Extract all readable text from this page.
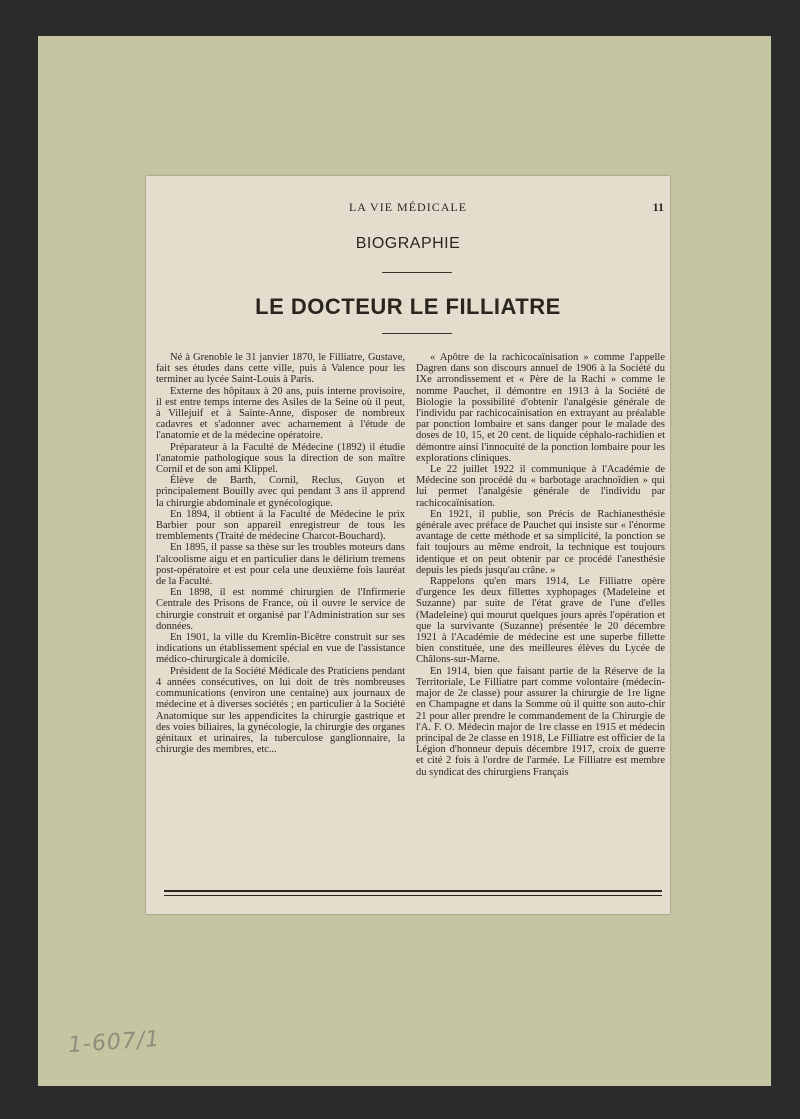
1-607/1
LA VIE MÉDICALE	11
BIOGRAPHIE
LE DOCTEUR LE FILLIATRE

Né à Grenoble le 31 janvier 1870, le Filliatre, Gustave, fait ses études dans cette ville, puis à Valence pour les terminer au lycée Saint-Louis à Paris.

Externe des hôpitaux à 20 ans, puis interne provisoire, il est entre temps interne des Asiles de la Seine où il peut, à Villejuif et à Sainte-Anne, disposer de nombreux cadavres et s'adonner avec acharnement à l'étude de l'anatomie et de la médecine opératoire.

Préparateur à la Faculté de Médecine (1892) il étudie l'anatomie pathologique sous la direction de son maître Cornil et de son ami Klippel.

Élève de Barth, Cornil, Reclus, Guyon et principalement Bouilly avec qui pendant 3 ans il apprend la chirurgie abdominale et gynécologique.

En 1894, il obtient à la Faculté de Médecine le prix Barbier pour son appareil enregistreur de tous les tremblements (Traité de médecine Charcot-Bouchard).

En 1895, il passe sa thèse sur les troubles moteurs dans l'alcoolisme aigu et en particulier dans le délirium tremens post-opératoire et est pour cela une deuxième fois lauréat de la Faculté.

En 1898, il est nommé chirurgien de l'Infirmerie Centrale des Prisons de France, où il ouvre le service de chirurgie construit et organisé par l'Administration sur ses données.

En 1901, la ville du Kremlin-Bicêtre construit sur ses indications un établissement spécial en vue de l'assistance médico-chirurgicale à domicile.

Président de la Société Médicale des Praticiens pendant 4 années consécutives, on lui doit de très nombreuses communications (environ une centaine) aux journaux de médecine et à diverses sociétés ; en particulier à la Société Anatomique sur les appendicites la chirurgie gastrique et des voies biliaires, la gynécologie, la chirurgie des organes génitaux et urinaires, la tuberculose ganglionnaire, la chirurgie des membres, etc...

« Apôtre de la rachicocaïnisation » comme l'appelle Dagren dans son discours annuel de 1906 à la Société du IXe arrondissement et « Père de la Rachi » comme le nomme Pauchet, il démontre en 1913 à la Société de Biologie la possibilité d'obtenir l'analgésie générale de l'individu par rachicocaïnisation en extrayant au préalable par ponction lombaire et sans danger pour le malade des doses de 10, 15, et 20 cent. de liquide céphalo-rachidien et démontre ainsi l'innocuité de la ponction lombaire pour les explorations cliniques.

Le 22 juillet 1922 il communique à l'Académie de Médecine son procédé du « barbotage arachnoïdien » qui lui permet l'analgésie générale de l'individu par rachicocaïnisation.

En 1921, il publie, son Précis de Rachianesthésie générale avec préface de Pauchet qui insiste sur « l'énorme avantage de cette méthode et sa simplicité, la ponction se fait toujours au même endroit, la technique est toujours identique et on peut obtenir par ce procédé l'anesthésie depuis les pieds jusqu'au crâne. »

Rappelons qu'en mars 1914, Le Filliatre opère d'urgence les deux fillettes xyphopages (Madeleine et Suzanne) par suite de l'état grave de l'une d'elles (Madeleine) qui mourut quelques jours après l'opération et que la survivante (Suzanne) présentée le 20 décembre 1921 à l'Académie de médecine est une superbe fillette bien constituée, une des meilleures élèves du Lycée de Châlons-sur-Marne.

En 1914, bien que faisant partie de la Réserve de la Territoriale, Le Filliatre part comme volontaire (médecin-major de 2e classe) pour assurer la chirurgie de 1re ligne en Champagne et dans la Somme où il quitte son auto-chir 21 pour aller prendre le commandement de la Chirurgie de l'A. F. O. Médecin major de 1re classe en 1915 et médecin principal de 2e classe en 1918, Le Filliatre est officier de la Légion d'honneur depuis décembre 1917, croix de guerre et cité 2 fois à l'ordre de l'armée. Le Filliatre est membre du syndicat des chirurgiens Français
